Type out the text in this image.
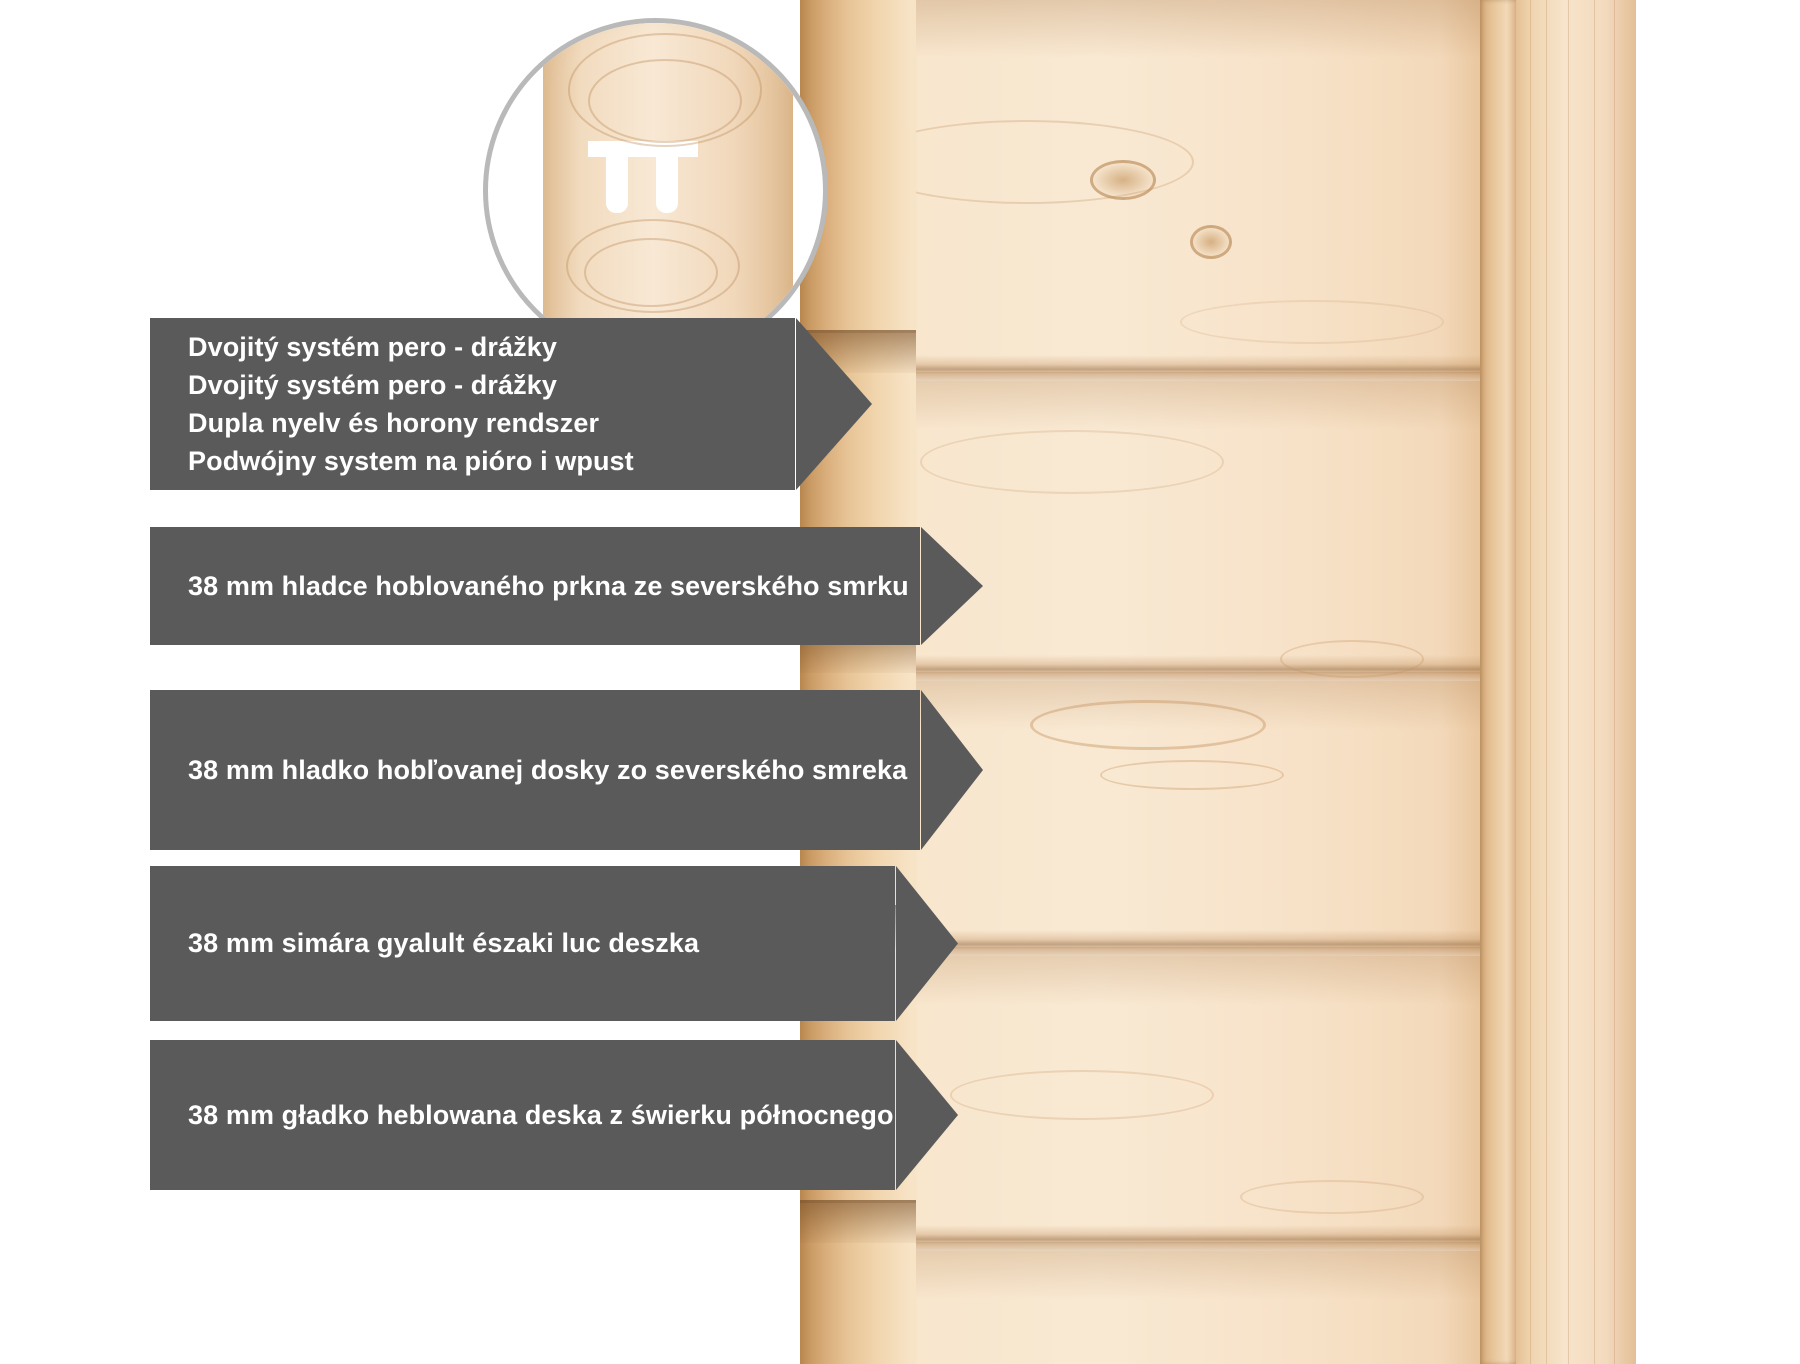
Dvojitý systém pero - drážky
Dvojitý systém pero - drážky
Dupla nyelv és horony rendszer
Podwójny system na pióro i wpust
38 mm hladce hoblovaného prkna ze severského smrku
38 mm hladko hobľovanej dosky zo severského smreka
38 mm simára gyalult északi luc deszka
38 mm gładko heblowana deska z świerku północnego
